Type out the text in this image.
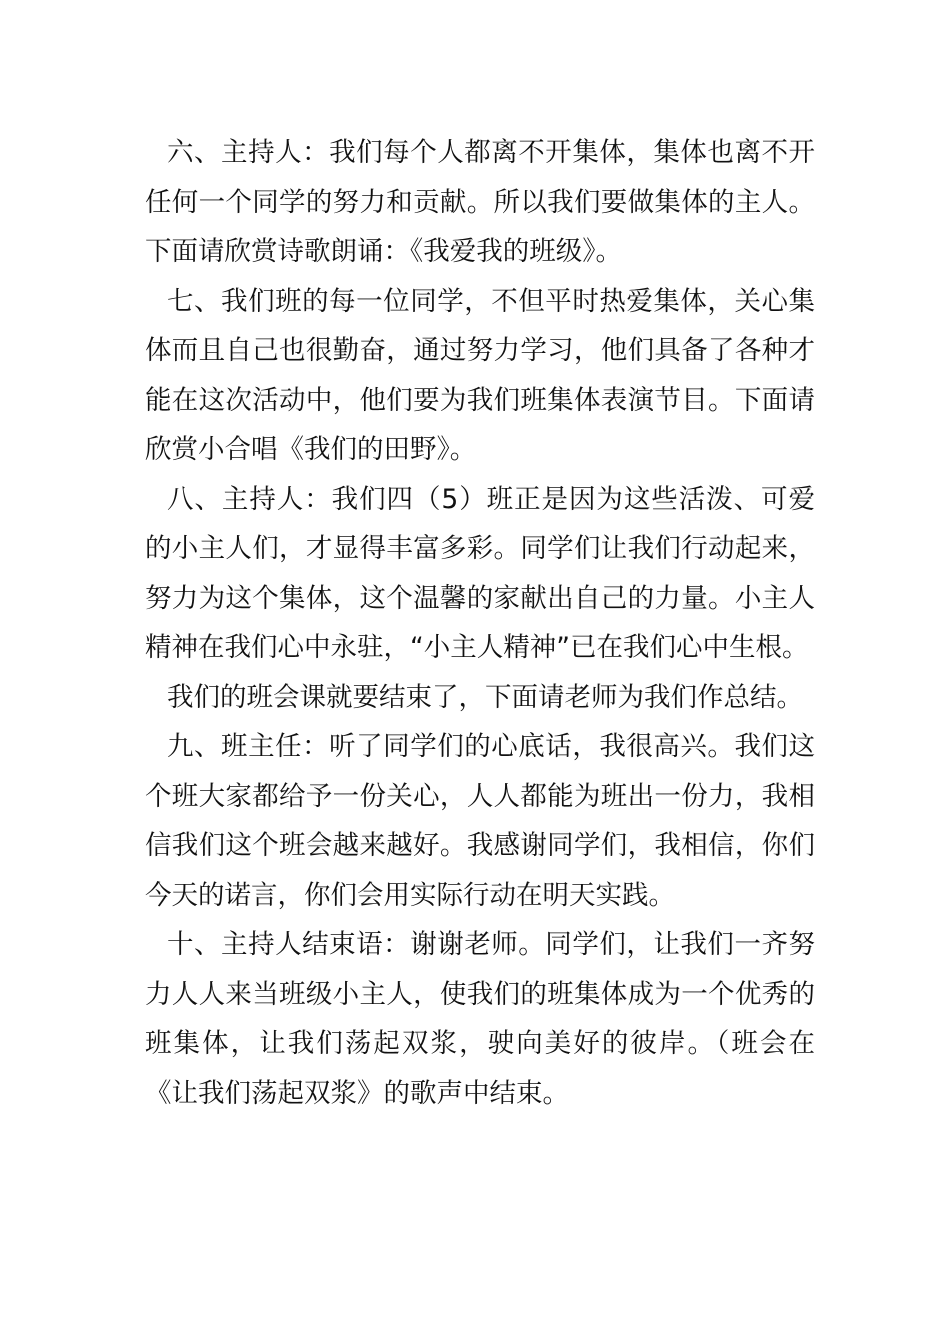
六、主持人：我们每个人都离不开集体，集体也离不开任何一个同学的努力和贡献。所以我们要做集体的主人。下面请欣赏诗歌朗诵：《我爱我的班级》。

七、我们班的每一位同学，不但平时热爱集体，关心集体而且自己也很勤奋，通过努力学习，他们具备了各种才能在这次活动中，他们要为我们班集体表演节目。下面请欣赏小合唱《我们的田野》。

八、主持人：我们四（5）班正是因为这些活泼、可爱的小主人们，才显得丰富多彩。同学们让我们行动起来，努力为这个集体，这个温馨的家献出自己的力量。小主人精神在我们心中永驻，“小主人精神”已在我们心中生根。

我们的班会课就要结束了，下面请老师为我们作总结。

九、班主任：听了同学们的心底话，我很高兴。我们这个班大家都给予一份关心，人人都能为班出一份力，我相信我们这个班会越来越好。我感谢同学们，我相信，你们今天的诺言，你们会用实际行动在明天实践。

十、主持人结束语：谢谢老师。同学们，让我们一齐努力人人来当班级小主人，使我们的班集体成为一个优秀的班集体，让我们荡起双浆，驶向美好的彼岸。（班会在《让我们荡起双浆》的歌声中结束。
